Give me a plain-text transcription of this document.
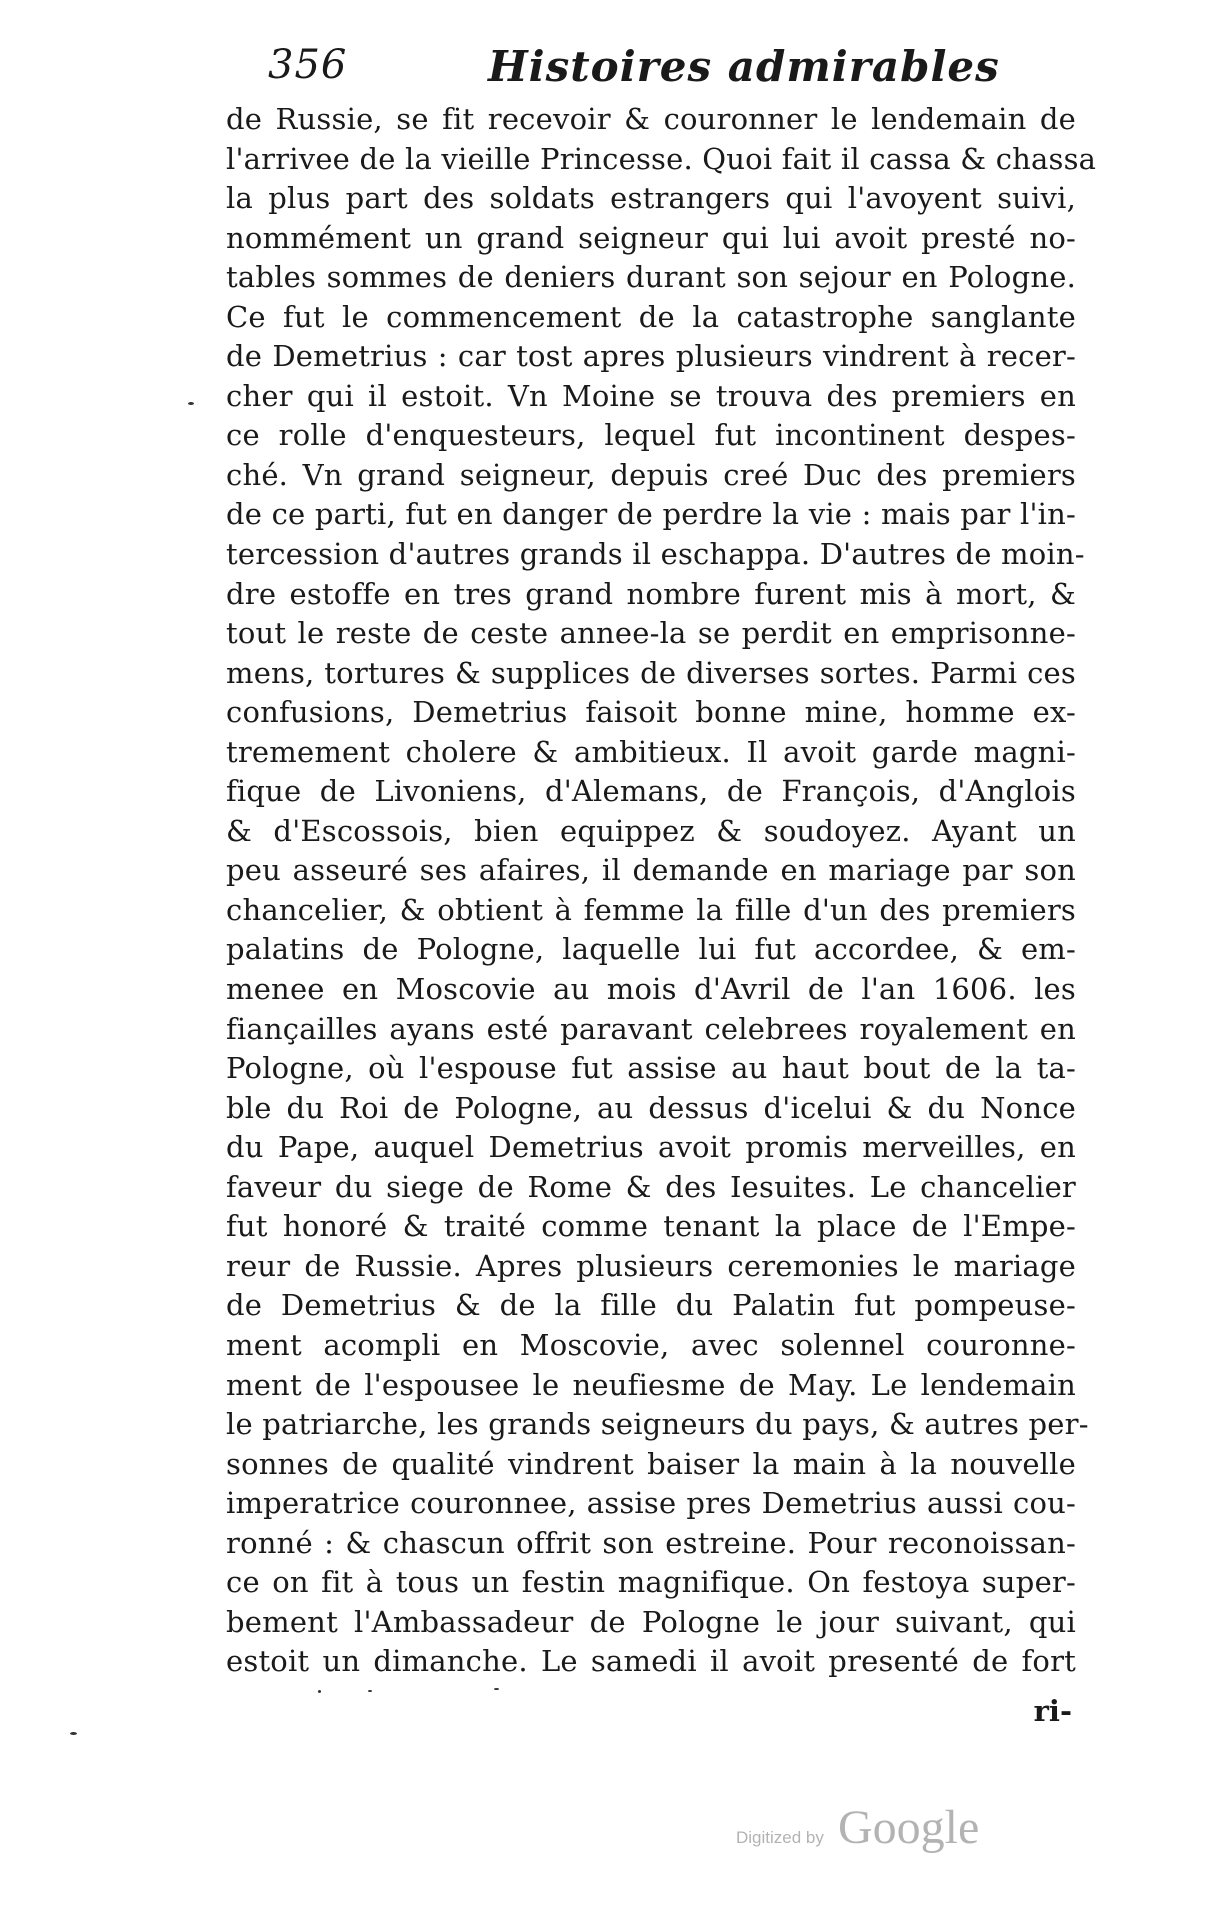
356	Histoires admirables
de Russie, se fit recevoir & couronner le lendemain de
l'arrivee de la vieille Princesse. Quoi fait il cassa & chassa
la plus part des soldats estrangers qui l'avoyent suivi,
nommément un grand seigneur qui lui avoit presté no-
tables sommes de deniers durant son sejour en Pologne.
Ce fut le commencement de la catastrophe sanglante
de Demetrius : car tost apres plusieurs vindrent à recer-
cher qui il estoit. Vn Moine se trouva des premiers en
ce rolle d'enquesteurs, lequel fut incontinent despes-
ché. Vn grand seigneur, depuis creé Duc des premiers
de ce parti, fut en danger de perdre la vie : mais par l'in-
tercession d'autres grands il eschappa. D'autres de moin-
dre estoffe en tres grand nombre furent mis à mort, &
tout le reste de ceste annee-la se perdit en emprisonne-
mens, tortures & supplices de diverses sortes. Parmi ces
confusions, Demetrius faisoit bonne mine, homme ex-
tremement cholere & ambitieux. Il avoit garde magni-
fique de Livoniens, d'Alemans, de François, d'Anglois
& d'Escossois, bien equippez & soudoyez. Ayant un
peu asseuré ses afaires, il demande en mariage par son
chancelier, & obtient à femme la fille d'un des premiers
palatins de Pologne, laquelle lui fut accordee, & em-
menee en Moscovie au mois d'Avril de l'an 1606. les
fiançailles ayans esté paravant celebrees royalement en
Pologne, où l'espouse fut assise au haut bout de la ta-
ble du Roi de Pologne, au dessus d'icelui & du Nonce
du Pape, auquel Demetrius avoit promis merveilles, en
faveur du siege de Rome & des Iesuites. Le chancelier
fut honoré & traité comme tenant la place de l'Empe-
reur de Russie. Apres plusieurs ceremonies le mariage
de Demetrius & de la fille du Palatin fut pompeuse-
ment acompli en Moscovie, avec solennel couronne-
ment de l'espousee le neufiesme de May. Le lendemain
le patriarche, les grands seigneurs du pays, & autres per-
sonnes de qualité vindrent baiser la main à la nouvelle
imperatrice couronnee, assise pres Demetrius aussi cou-
ronné : & chascun offrit son estreine. Pour reconoissan-
ce on fit à tous un festin magnifique. On festoya super-
bement l'Ambassadeur de Pologne le jour suivant, qui
estoit un dimanche. Le samedi il avoit presenté de fort
ri-
Digitized by Google
